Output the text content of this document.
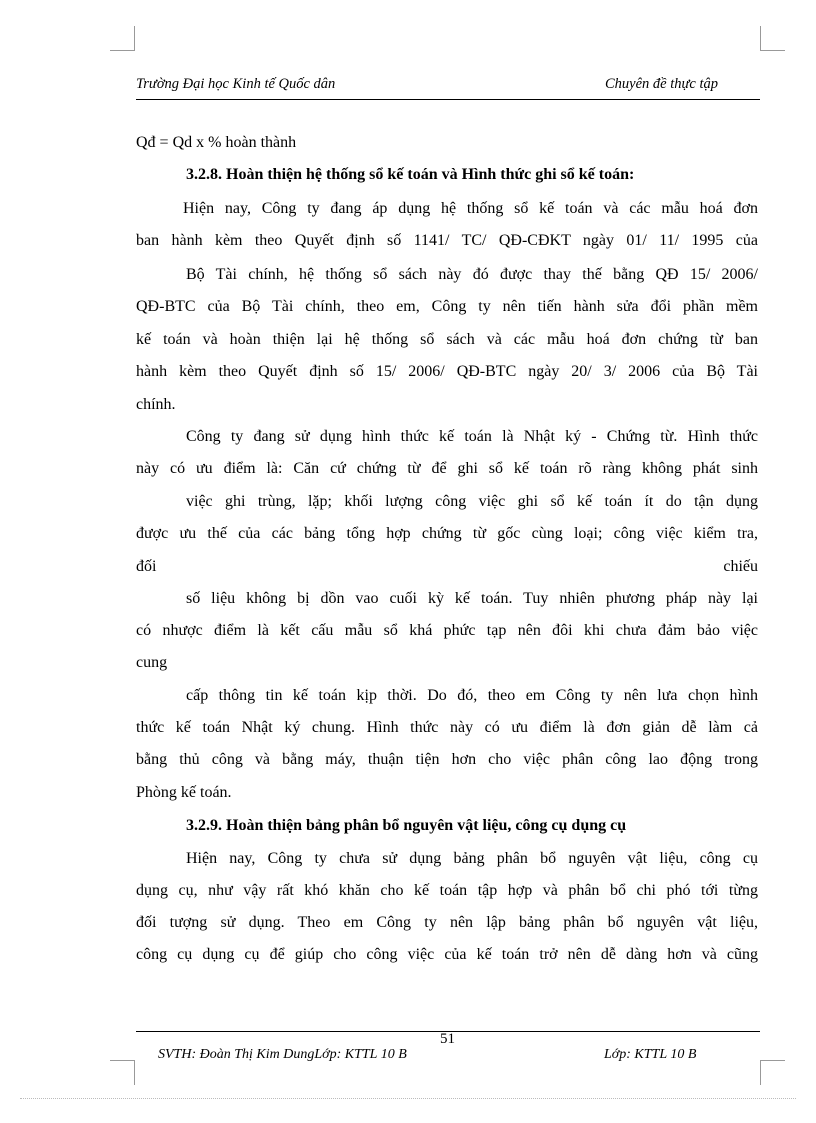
Trường Đại học Kinh tế Quốc dân	Chuyên đề thực tập
Qđ = Qd x % hoàn thành
3.2.8. Hoàn thiện hệ thống sổ kế toán và Hình thức ghi sổ kế toán:
Hiện nay, Công ty đang áp dụng hệ thống sổ kế toán và các mẫu hoá đơn
ban hành kèm theo Quyết định số 1141/ TC/ QĐ-CĐKT ngày 01/ 11/ 1995 của
Bộ Tài chính, hệ thống sổ sách này đó được thay thế bằng QĐ 15/ 2006/
QĐ-BTC của Bộ Tài chính, theo em, Công ty nên tiến hành sửa đổi phần mềm
kế toán và hoàn thiện lại hệ thống sổ sách và các mẫu hoá đơn chứng từ ban
hành kèm theo Quyết định số 15/ 2006/ QĐ-BTC ngày 20/ 3/ 2006 của Bộ Tài
chính.
Công ty đang sử dụng hình thức kế toán là Nhật ký - Chứng từ. Hình thức
này có ưu điểm là: Căn cứ chứng từ để ghi sổ kế toán rõ ràng không phát sinh
việc ghi trùng, lặp; khối lượng công việc ghi sổ kế toán ít do tận dụng
được ưu thế của các bảng tổng hợp chứng từ gốc cùng loại; công việc kiểm tra,
đối chiếu
số liệu không bị dồn vao cuối kỳ kế toán. Tuy nhiên phương pháp này lại
có nhược điểm là kết cấu mẫu sổ khá phức tạp nên đôi khi chưa đảm bảo việc
cung
cấp thông tin kế toán kịp thời. Do đó, theo em Công ty nên lưa chọn hình
thức kế toán Nhật ký chung. Hình thức này có ưu điểm là đơn giản dễ làm cả
bằng thủ công và bằng máy, thuận tiện hơn cho việc phân công lao động trong
Phòng kế toán.
3.2.9. Hoàn thiện bảng phân bổ nguyên vật liệu, công cụ dụng cụ
Hiện nay, Công ty chưa sử dụng bảng phân bổ nguyên vật liệu, công cụ
dụng cụ, như vậy rất khó khăn cho kế toán tập hợp và phân bổ chi phó tới từng
đối tượng sử dụng. Theo em Công ty nên lập bảng phân bổ nguyên vật liệu,
công cụ dụng cụ để giúp cho công việc của kế toán trở nên dễ dàng hơn và cũng
51
SVTH: Đoàn Thị Kim DungLớp: KTTL 10 B	Lớp: KTTL 10 B
